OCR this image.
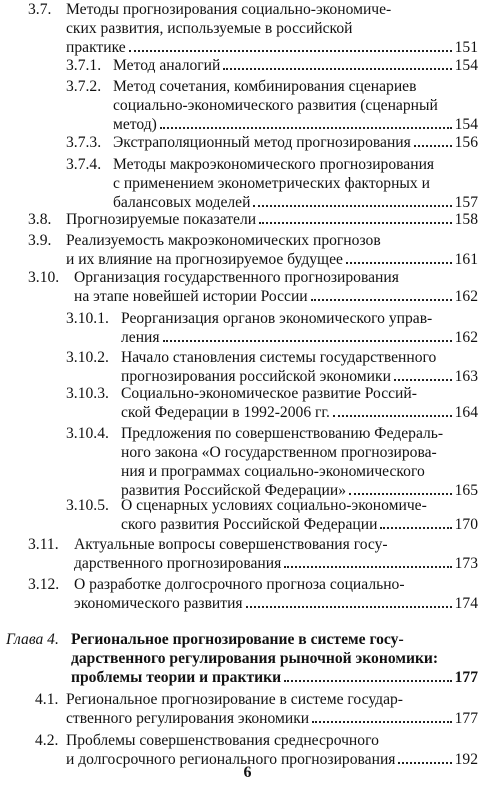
3.7. Методы прогнозирования социально-экономиче-
ских развития, используемые в российской
практике	151
3.7.1. Метод аналогий	154
3.7.2. Метод сочетания, комбинирования сценариев
социально-экономического развития (сценарный
метод)	154
3.7.3. Экстраполяционный метод прогнозирования	156
3.7.4. Методы макроэкономического прогнозирования
с применением эконометрических факторных и
балансовых моделей	157
3.8. Прогнозируемые показатели	158
3.9. Реализуемость макроэкономических прогнозов
и их влияние на прогнозируемое будущее	161
3.10. Организация государственного прогнозирования
на этапе новейшей истории России	162
3.10.1. Реорганизация органов экономического управ-
ления	162
3.10.2. Начало становления системы государственного
прогнозирования российской экономики	163
3.10.3. Социально-экономическое развитие Россий-
ской Федерации в 1992-2006 гг.	164
3.10.4. Предложения по совершенствованию Федераль-
ного закона «О государственном прогнозирова-
ния и программах социально-экономического
развития Российской Федерации»	165
3.10.5. О сценарных условиях социально-экономиче-
ского развития Российской Федерации	170
3.11. Актуальные вопросы совершенствования госу-
дарственного прогнозирования	173
3.12. О разработке долгосрочного прогноза социально-
экономического развития	174
Глава 4. Региональное прогнозирование в системе госу-
дарственного регулирования рыночной экономики:
проблемы теории и практики	177
4.1. Региональное прогнозирование в системе государ-
ственного регулирования экономики	177
4.2. Проблемы совершенствования среднесрочного
и долгосрочного регионального прогнозирования	192
6
